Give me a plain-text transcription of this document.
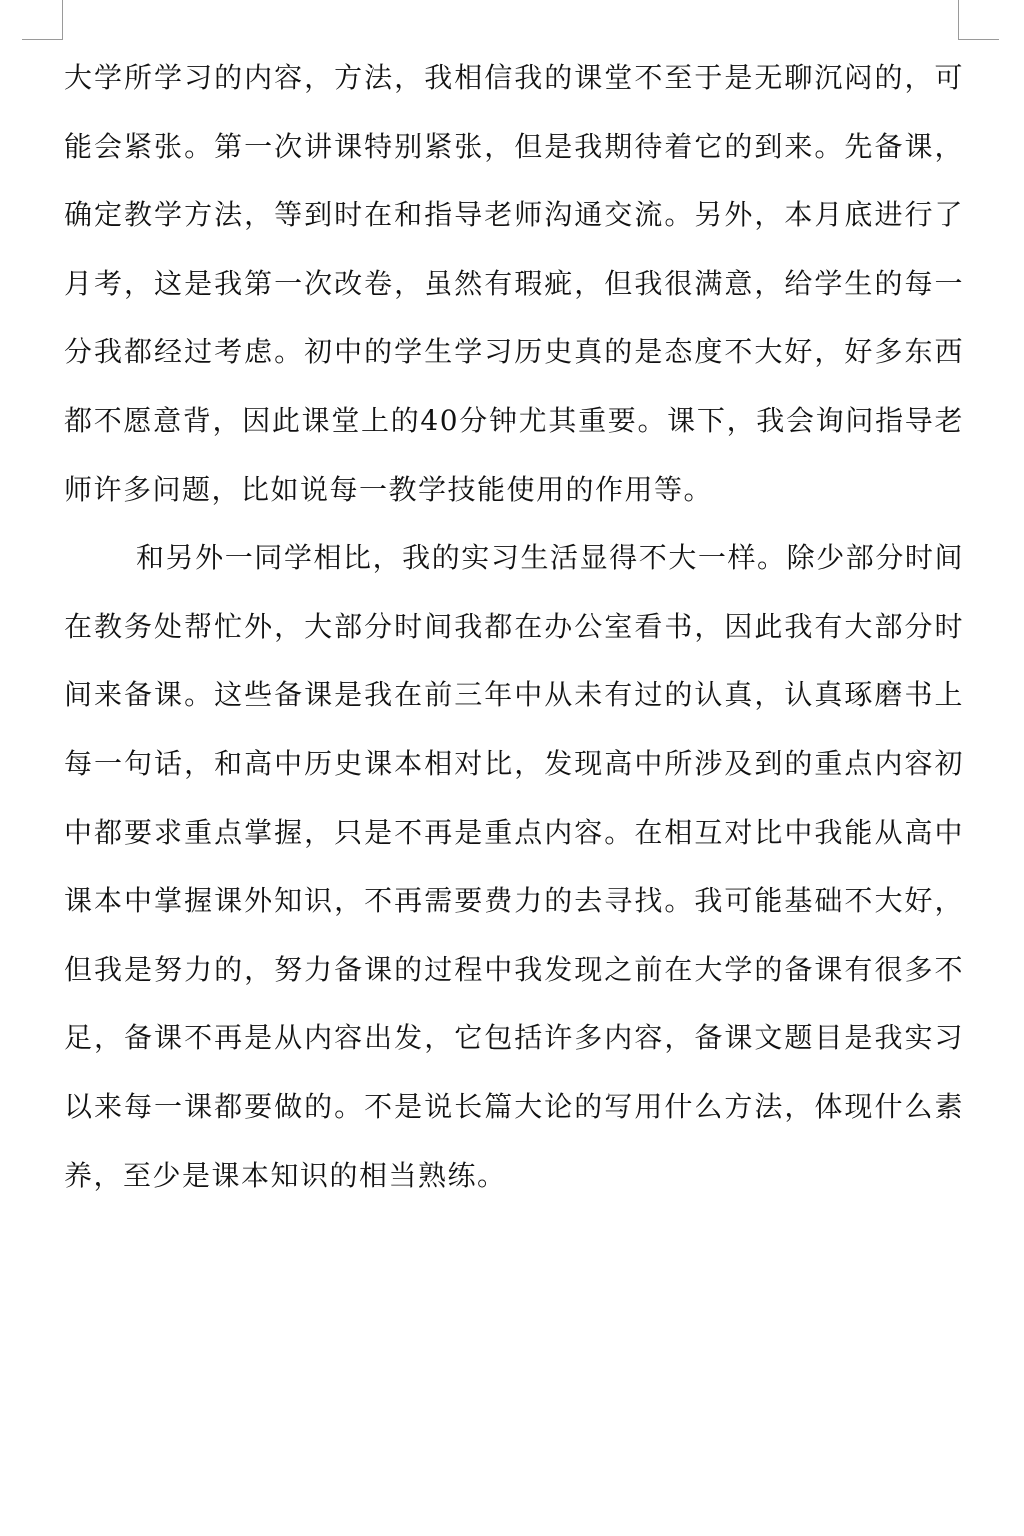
大学所学习的内容，方法，我相信我的课堂不至于是无聊沉闷的，可
能会紧张。第一次讲课特别紧张，但是我期待着它的到来。先备课，
确定教学方法，等到时在和指导老师沟通交流。另外，本月底进行了
月考，这是我第一次改卷，虽然有瑕疵，但我很满意，给学生的每一
分我都经过考虑。初中的学生学习历史真的是态度不大好，好多东西
都不愿意背，因此课堂上的40分钟尤其重要。课下，我会询问指导老
师许多问题，比如说每一教学技能使用的作用等。

和另外一同学相比，我的实习生活显得不大一样。除少部分时间
在教务处帮忙外，大部分时间我都在办公室看书，因此我有大部分时
间来备课。这些备课是我在前三年中从未有过的认真，认真琢磨书上
每一句话，和高中历史课本相对比，发现高中所涉及到的重点内容初
中都要求重点掌握，只是不再是重点内容。在相互对比中我能从高中
课本中掌握课外知识，不再需要费力的去寻找。我可能基础不大好，
但我是努力的，努力备课的过程中我发现之前在大学的备课有很多不
足，备课不再是从内容出发，它包括许多内容，备课文题目是我实习
以来每一课都要做的。不是说长篇大论的写用什么方法，体现什么素
养，至少是课本知识的相当熟练。
